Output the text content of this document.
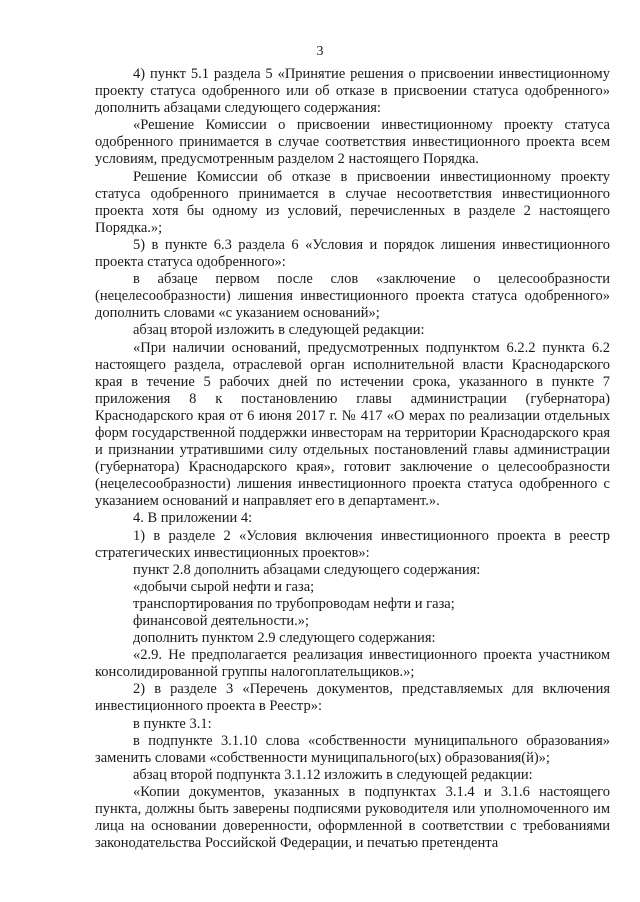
3

4) пункт 5.1 раздела 5 «Принятие решения о присвоении инвестиционному проекту статуса одобренного или об отказе в присвоении статуса одобренного» дополнить абзацами следующего содержания:

«Решение Комиссии о присвоении инвестиционному проекту статуса одобренного принимается в случае соответствия инвестиционного проекта всем условиям, предусмотренным разделом 2 настоящего Порядка.

Решение Комиссии об отказе в присвоении инвестиционному проекту статуса одобренного принимается в случае несоответствия инвестиционного проекта хотя бы одному из условий, перечисленных в разделе 2 настоящего Порядка.»;

5) в пункте 6.3 раздела 6 «Условия и порядок лишения инвестиционного проекта статуса одобренного»:

в абзаце первом после слов «заключение о целесообразности (нецелесообразности) лишения инвестиционного проекта статуса одобренного» дополнить словами «с указанием оснований»;

абзац второй изложить в следующей редакции:

«При наличии оснований, предусмотренных подпунктом 6.2.2 пункта 6.2 настоящего раздела, отраслевой орган исполнительной власти Краснодарского края в течение 5 рабочих дней по истечении срока, указанного в пункте 7 приложения 8 к постановлению главы администрации (губернатора) Краснодарского края от 6 июня 2017 г. № 417 «О мерах по реализации отдельных форм государственной поддержки инвесторам на территории Краснодарского края и признании утратившими силу отдельных постановлений главы администрации (губернатора) Краснодарского края», готовит заключение о целесообразности (нецелесообразности) лишения инвестиционного проекта статуса одобренного с указанием оснований и направляет его в департамент.».

4. В приложении 4:

1) в разделе 2 «Условия включения инвестиционного проекта в реестр стратегических инвестиционных проектов»:

пункт 2.8 дополнить абзацами следующего содержания:

«добычи сырой нефти и газа;

транспортирования по трубопроводам нефти и газа;

финансовой деятельности.»;

дополнить пунктом 2.9 следующего содержания:

«2.9. Не предполагается реализация инвестиционного проекта участником консолидированной группы налогоплательщиков.»;

2) в разделе 3 «Перечень документов, представляемых для включения инвестиционного проекта в Реестр»:

в пункте 3.1:

в подпункте 3.1.10 слова «собственности муниципального образования» заменить словами «собственности муниципального(ых) образования(й)»;

абзац второй подпункта 3.1.12 изложить в следующей редакции:

«Копии документов, указанных в подпунктах 3.1.4 и 3.1.6 настоящего пункта, должны быть заверены подписями руководителя или уполномоченного им лица на основании доверенности, оформленной в соответствии с требованиями законодательства Российской Федерации, и печатью претендента
